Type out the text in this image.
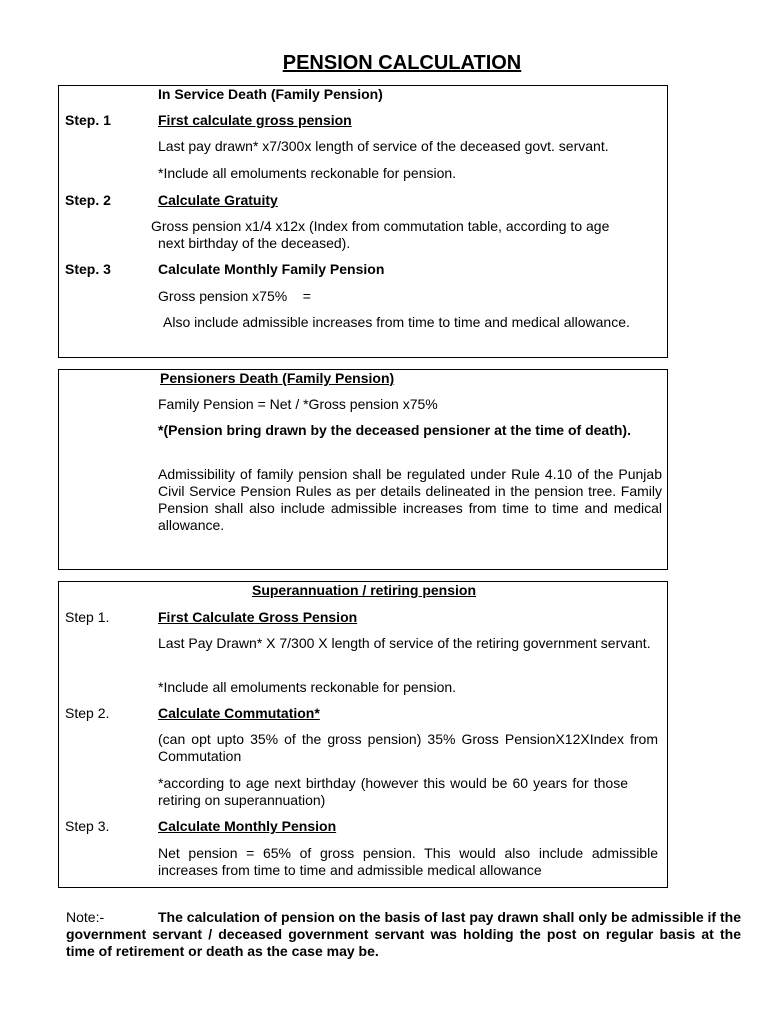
PENSION CALCULATION
In Service Death (Family Pension)
Step. 1	First calculate gross pension
Last pay drawn* x7/300x length of service of the deceased govt. servant.
*Include all emoluments reckonable for pension.
Step. 2	Calculate Gratuity
Gross pension x1/4 x12x (Index from commutation table, according to age
next birthday of the deceased).
Step. 3	Calculate Monthly Family Pension
Gross pension x75%    =
Also include admissible increases from time to time and medical allowance.
Pensioners Death (Family Pension)
Family Pension = Net / *Gross pension x75%
*(Pension bring drawn by the deceased pensioner at the time of death).
Admissibility of family pension shall be regulated under Rule 4.10 of the Punjab Civil Service Pension Rules as per details delineated in the pension tree. Family Pension shall also include admissible increases from time to time and medical allowance.
Superannuation / retiring pension
Step 1.	First Calculate Gross Pension
Last Pay Drawn* X 7/300 X length of service of the retiring government servant.
*Include all emoluments reckonable for pension.
Step 2.	Calculate Commutation*
(can opt upto 35% of the gross pension) 35% Gross PensionX12XIndex from Commutation
*according to age next birthday (however this would be 60 years for those retiring on superannuation)
Step 3.	Calculate Monthly Pension
Net pension = 65% of gross pension. This would also include admissible increases from time to time and admissible medical allowance
Note:-	The calculation of pension on the basis of last pay drawn shall only be admissible if the government servant / deceased government servant was holding the post on regular basis at the time of retirement or death as the case may be.
